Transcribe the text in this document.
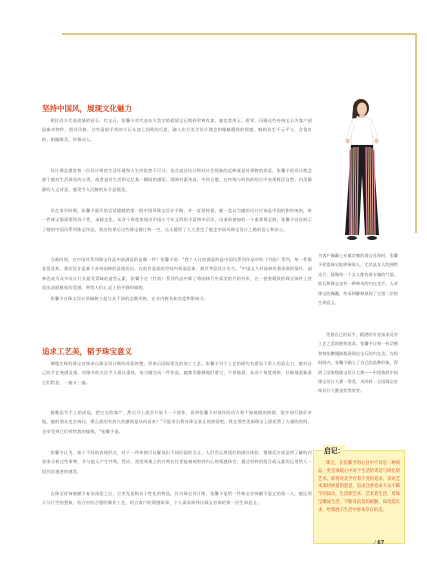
坚持中国风，展现文化魅力
相比西方代表爱情的钻石、红宝石，张馨予对代表东方美学的爱情宝石简样翠黄有加。她也常用玉、碧翠、玛瑙这些传统宝石为客户创造新奇物件，照具风格。这些看似平常的小石头加上别致的巧思，融入东方美学设计理念和细腻精致的情感，韩则众生千元平与，含羞有的，相赋唯美，传情动人。
设计理念通常和一位设计师的生活环境和人生经验密不可分。也众表达设计师对社会现象的反映或是对事物的命意。张馨予的设计理念源于她对生活体验的心得，或者是对生活和记忆某一瞬间的感悟，强调对素纯真，中西合璧，在传统与时尚的结合中表现鲜活自然、内美静静的人文诗意，感受令人沉醉的东方意境美。
早在求学时期，张馨予就开始尝试跟她的第一批中国风珠宝设计手稿，并一直坚持着，她一直以为她的设计应该是中国的和传统的，每一件珠宝都需要铭场个性，承载文化。从各个角度体现出中国五千年文明的丰富和多层次，出道前参加的一个重要珠宝展，张馨予首次展示了她的中国风系列珠宝作品，展出结果后这些珠宝被订购一空，这无疑给了大大坚定了她走中国风珠宝设计之路的信心和决心。
当被问到，在中国风系列珠宝作品中最满意的是哪一件？张馨予说："我个人比较满意的是中国风系列作品中的《竹韵》系列，每一件都非常喜欢，那次设计是基于苏州园林的意境而出，在很有意思的空间内构造意象，极其考验设计功力。"中国文人对园林有着深厚的情怀，园林也成为众多设计行业最受青睐的造型元素，张馨予在《竹韵》系列作品中除了将园林行中柔美的竹的外形，在一套套精致的珠宝饰件上营造出清丽雅致的美感，带给人们心灵上的平静和愉悦。
张馨予在珠宝设计领域树立起与众不同的品牌风格，在业内极具知名度和影响力。
追求工艺美，韬予珠宝意义
璀璨生辉的珠宝首饰来自珠宝设计师的奇思妙想，更来自国际领先的加工工艺。张馨予对于工艺的研究有着异于常人的意志力，她对自己的手艺充满灵感，对细节的关注令人着以重视，每当她完成一件作品，她都会静静地盯着它，不停地看，从各个角度观察，仔细地重新看它们给意，一遍又一遍。
她唯恐写手上的成品，把它交给客户，然后马上就会开始下一个创作，看到张馨予对创作的动力和不知疲倦的热情，很多同行都好奇地，她的朋友也会询问，那么值的有持久的激情是从何而来？"可能来自我对珠宝真正的热爱吧，我在那些美丽珠宝上面花费了大量的时间，也享受到它们带给我的愉悦。"张馨予说。
张馨予认为，基于不同的表现形式，对于一件单独可以解读出不同层面的含义，人们会运用创们的感官体验，情感反应或是所了解的内容来分析这些事物，并与他人产生共鸣。然而，视觉效果上的共鸣往往更能被观察到内心的情感体会。通过材料的组合或元素的运用给人一段层次递进的感受。
在珠宝首饰被赋予复杂深意之后，它更先是极具个性化的物品，作为珠宝设计师，张馨予是给一件珠宝首饰赋予意义的第一人，她运用天马行空的想象，结合中西合璧的制作工艺，结合客户的情感故事、个人需求演绎出珠宝首饰的第一层生命意义。
为客户佩戴上专属定制的珠宝首饰时，张馨予希望珠宝能够展现人，尤其是女人的独特光芒，就像每一个女人都有着专属的气质，钻石和珠宝也有一种神奇的内在光芒，人对珠宝的佩戴，传承和解释展现了它第二层的生命意义。
凭借自己的双手，精湛的专业技术及对工艺之美的极致追求，张馨予让每一枚切割和每张鹏镶嵌都展现出宝石的内在美，在短时间内，张馨予确立了自己的品牌形象，得到了国家级珠宝设计大赛——中国鲁彩中国珠宝设计大赛一等奖、风尚杯 · 全国珠宝首饰设计大赛金奖等荣誉。
启记：
珠宝，在张馨予的心目中不仅是一种商品，更是承载心中对于生活的寄话与回忆的艺术。即将对美学有着不变的追求，高对艺术深切执着的愿意，追求注重追求大众不稀罕的探访，生活即艺术、艺术着生活，用珠宝雕琢生活、不断对前景的耐勤，砖改延长求，给我展示生活中原本存在的美。
/ 67
